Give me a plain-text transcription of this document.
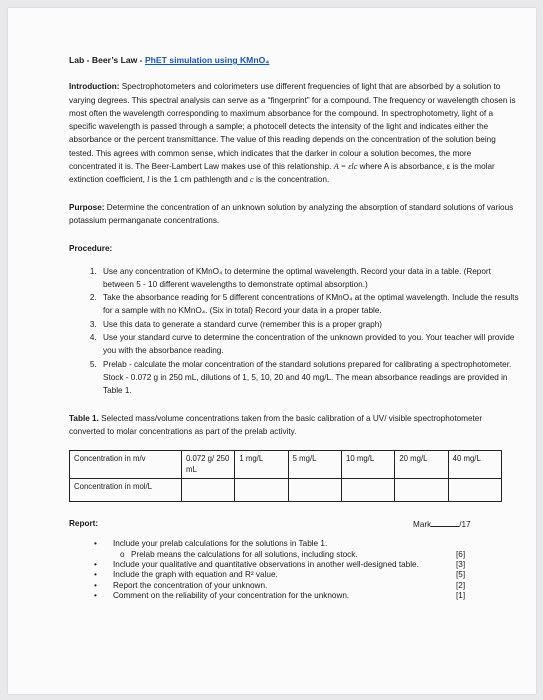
Lab - Beer’s Law - PhET simulation using KMnO₄

Introduction: Spectrophotometers and colorimeters use different frequencies of light that are absorbed by a solution to varying degrees. This spectral analysis can serve as a “fingerprint” for a compound. The frequency or wavelength chosen is most often the wavelength corresponding to maximum absorbance for the compound. In spectrophotometry, light of a specific wavelength is passed through a sample; a photocell detects the intensity of the light and indicates either the absorbance or the percent transmittance. The value of this reading depends on the concentration of the solution being tested. This agrees with common sense, which indicates that the darker in colour a solution becomes, the more concentrated it is. The Beer-Lambert Law makes use of this relationship. A = εlc where A is absorbance, ε is the molar extinction coefficient, l is the 1 cm pathlength and c is the concentration.

Purpose: Determine the concentration of an unknown solution by analyzing the absorption of standard solutions of various potassium permanganate concentrations.

Procedure:
1. Use any concentration of KMnO₄ to determine the optimal wavelength. Record your data in a table. (Report between 5 - 10 different wavelengths to demonstrate optimal absorption.)
2. Take the absorbance reading for 5 different concentrations of KMnO₄ at the optimal wavelength. Include the results for a sample with no KMnO₄. (Six in total) Record your data in a proper table.
3. Use this data to generate a standard curve (remember this is a proper graph)
4. Use your standard curve to determine the concentration of the unknown provided to you. Your teacher will provide you with the absorbance reading.
5. Prelab - calculate the molar concentration of the standard solutions prepared for calibrating a spectrophotometer. Stock - 0.072 g in 250 mL, dilutions of 1, 5, 10, 20 and 40 mg/L. The mean absorbance readings are provided in Table 1.

Table 1. Selected mass/volume concentrations taken from the basic calibration of a UV/ visible spectrophotometer converted to molar concentrations as part of the prelab activity.

Concentration in m/v	0.072 g/ 250 mL	1 mg/L	5 mg/L	10 mg/L	20 mg/L	40 mg/L
Concentration in mol/L						
Report:	Mark	/17
• Include your prelab calculations for the solutions in Table 1.
o Prelab means the calculations for all solutions, including stock.	[6]
• Include your qualitative and quantitative observations in another well-designed table.	[3]
• Include the graph with equation and R² value.	[5]
• Report the concentration of your unknown.	[2]
• Comment on the reliability of your concentration for the unknown.	[1]
